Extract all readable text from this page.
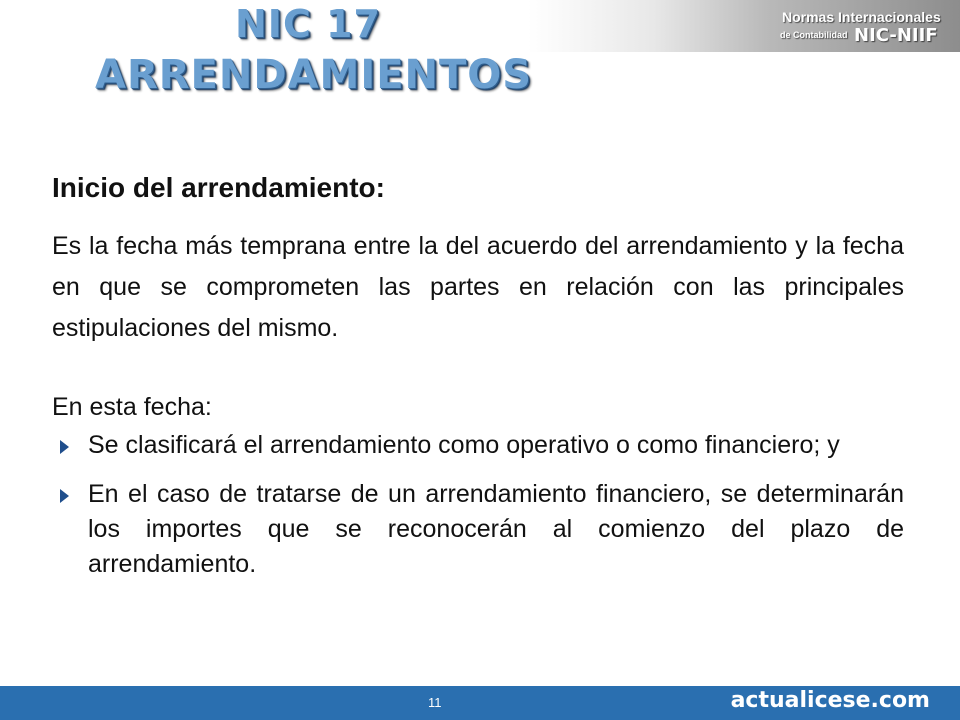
NIC 17
ARRENDAMIENTOS
Normas Internacionales
de Contabilidad NIC-NIIF
Inicio del arrendamiento:

Es la fecha más temprana entre la del acuerdo del arrendamiento y la fecha en que se comprometen las partes en relación con las principales estipulaciones del mismo.

En esta fecha:

Se clasificará el arrendamiento como operativo o como financiero; y
En el caso de tratarse de un arrendamiento financiero, se determinarán los importes que se reconocerán al comienzo del plazo de arrendamiento.
11	actualicese.com
